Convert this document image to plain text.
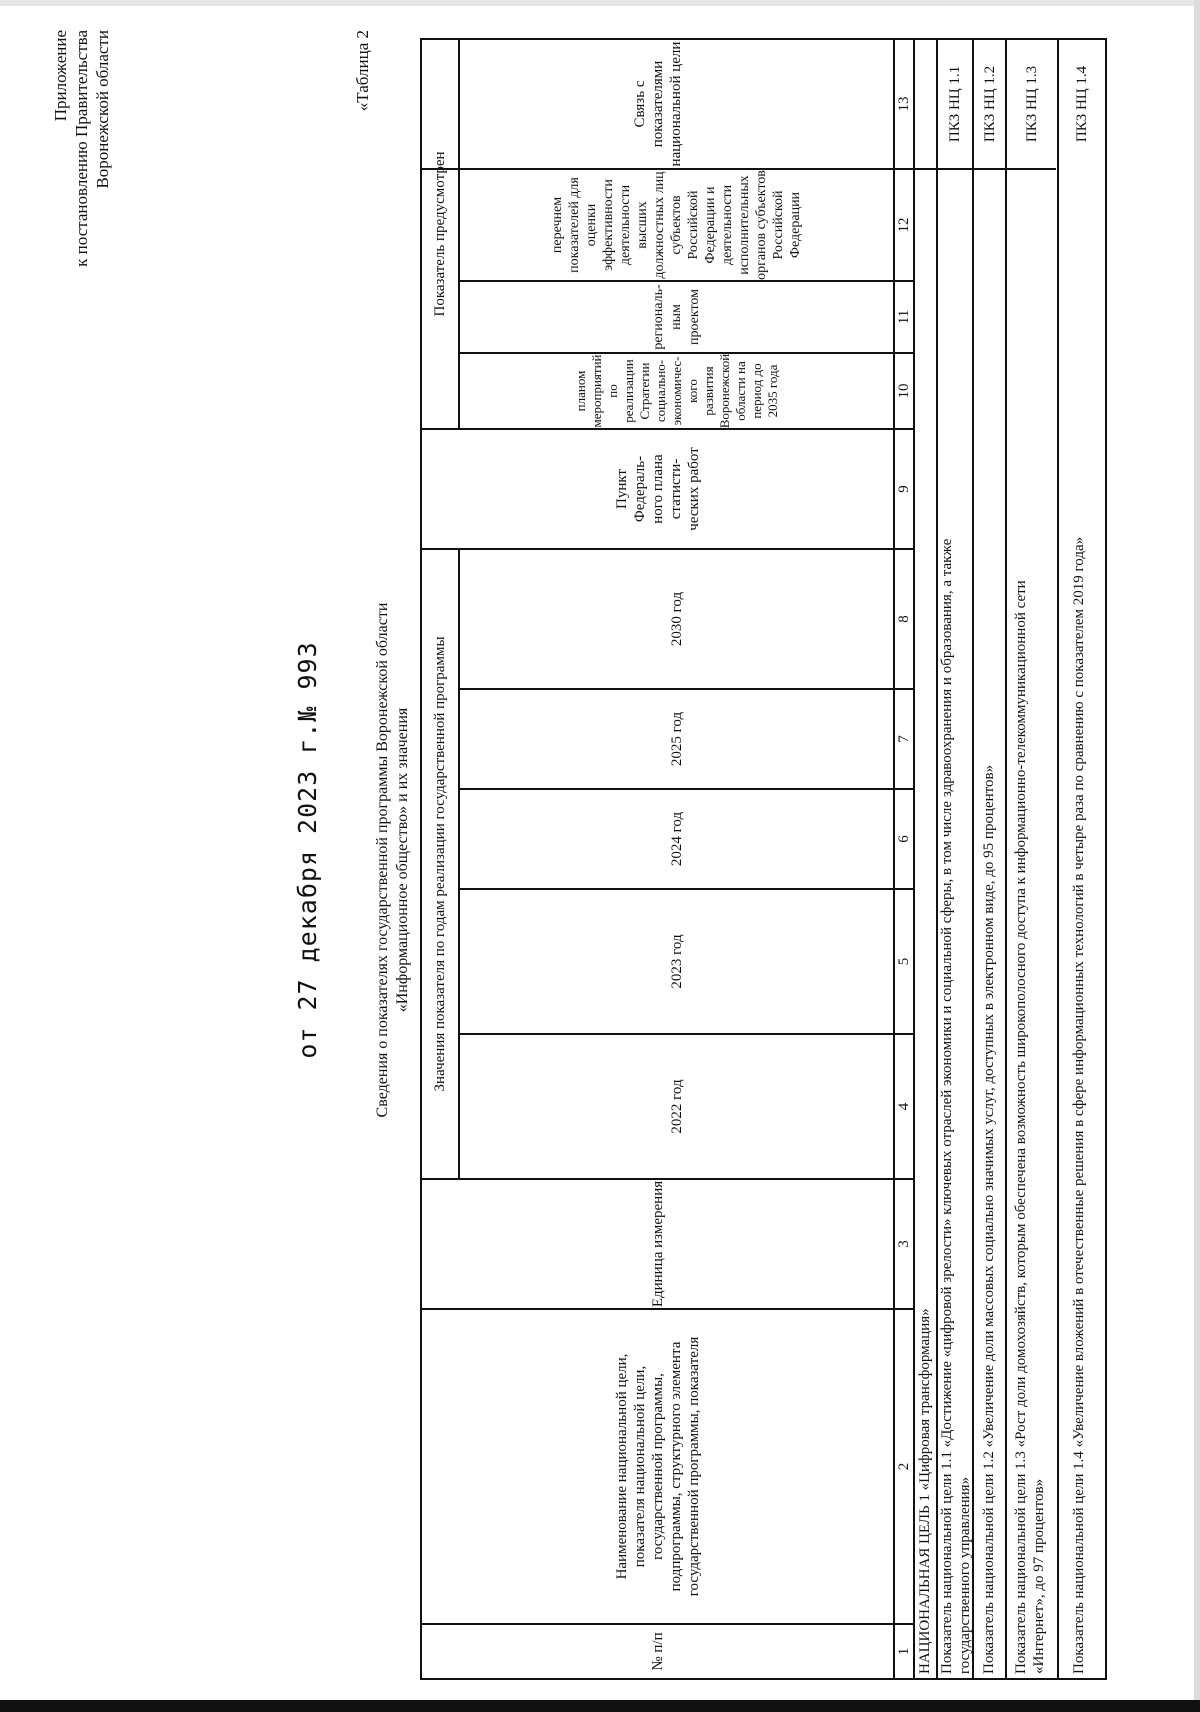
Приложение к постановлению Правительства Воронежской области
от 27 декабря 2023 г.№ 993
«Таблица 2
Сведения о показателях государственной программы Воронежской области «Информационное общество» и их значения
№ п/п
Наименование национальной цели, показателя национальной цели, государственной программы, подпрограммы, структурного элемента государственной программы, показателя
Единица измерения
Значения показателя по годам реализации государственной программы
2022 год
2023 год
2024 год
2025 год
2030 год
Пункт Федераль- ного плана статисти- ческих работ
Показатель предусмотрен
планом мероприятий по реализации Стратегии социально- экономичес- кого развития Воронежской области на период до 2035 года
региональ- ным проектом
Связь с показателями национальной цели
1
2
3
4
5
6
7
8
9
10
11
12
13
НАЦИОНАЛЬНАЯ ЦЕЛЬ 1 «Цифровая трансформация» Показатель национальной цели 1.1 «Достижение «цифровой зрелости» ключевых отраслей экономики и социальной сферы, в том числе здравоохранения и образования, а также государственного управления»
ПКЗ НЦ 1.1
Показатель национальной цели 1.2 «Увеличение доли массовых социально значимых услуг, доступных в электронном виде, до 95 процентов»
ПКЗ НЦ 1.2
Показатель национальной цели 1.3 «Рост доли домохозяйств, которым обеспечена возможность широкополосного доступа к информационно-телекоммуникационной сети «Интернет», до 97 процентов»
ПКЗ НЦ 1.3
Показатель национальной цели 1.4 «Увеличение вложений в отечественные решения в сфере информационных технологий в четыре раза по сравнению с показателем 2019 года»
ПКЗ НЦ 1.4
перечнем показателей для оценки эффективности деятельности высших должностных лиц субъектов Российской Федерации и деятельности исполнительных органов субъектов Российской Федерации
